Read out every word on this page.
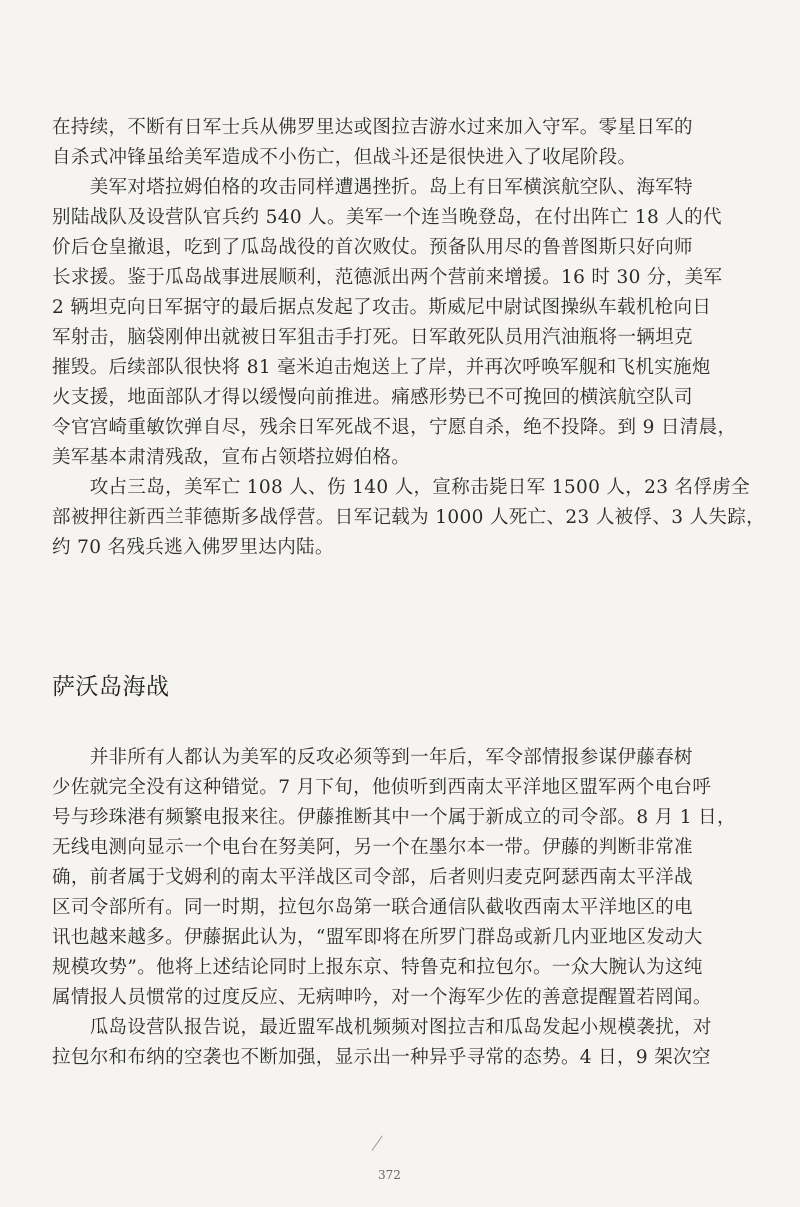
在持续，不断有日军士兵从佛罗里达或图拉吉游水过来加入守军。零星日军的
自杀式冲锋虽给美军造成不小伤亡，但战斗还是很快进入了收尾阶段。
　　美军对塔拉姆伯格的攻击同样遭遇挫折。岛上有日军横滨航空队、海军特
别陆战队及设营队官兵约 540 人。美军一个连当晚登岛，在付出阵亡 18 人的代
价后仓皇撤退，吃到了瓜岛战役的首次败仗。预备队用尽的鲁普图斯只好向师
长求援。鉴于瓜岛战事进展顺利，范德派出两个营前来增援。16 时 30 分，美军
2 辆坦克向日军据守的最后据点发起了攻击。斯威尼中尉试图操纵车载机枪向日
军射击，脑袋刚伸出就被日军狙击手打死。日军敢死队员用汽油瓶将一辆坦克
摧毁。后续部队很快将 81 毫米迫击炮送上了岸，并再次呼唤军舰和飞机实施炮
火支援，地面部队才得以缓慢向前推进。痛感形势已不可挽回的横滨航空队司
令官宫崎重敏饮弹自尽，残余日军死战不退，宁愿自杀，绝不投降。到 9 日清晨，
美军基本肃清残敌，宣布占领塔拉姆伯格。
　　攻占三岛，美军亡 108 人、伤 140 人，宣称击毙日军 1500 人，23 名俘虏全
部被押往新西兰菲德斯多战俘营。日军记载为 1000 人死亡、23 人被俘、3 人失踪，
约 70 名残兵逃入佛罗里达内陆。
萨沃岛海战
　　并非所有人都认为美军的反攻必须等到一年后，军令部情报参谋伊藤春树
少佐就完全没有这种错觉。7 月下旬，他侦听到西南太平洋地区盟军两个电台呼
号与珍珠港有频繁电报来往。伊藤推断其中一个属于新成立的司令部。8 月 1 日，
无线电测向显示一个电台在努美阿，另一个在墨尔本一带。伊藤的判断非常准
确，前者属于戈姆利的南太平洋战区司令部，后者则归麦克阿瑟西南太平洋战
区司令部所有。同一时期，拉包尔岛第一联合通信队截收西南太平洋地区的电
讯也越来越多。伊藤据此认为，“盟军即将在所罗门群岛或新几内亚地区发动大
规模攻势”。他将上述结论同时上报东京、特鲁克和拉包尔。一众大腕认为这纯
属情报人员惯常的过度反应、无病呻吟，对一个海军少佐的善意提醒置若罔闻。
　　瓜岛设营队报告说，最近盟军战机频频对图拉吉和瓜岛发起小规模袭扰，对
拉包尔和布纳的空袭也不断加强，显示出一种异乎寻常的态势。4 日，9 架次空
372
